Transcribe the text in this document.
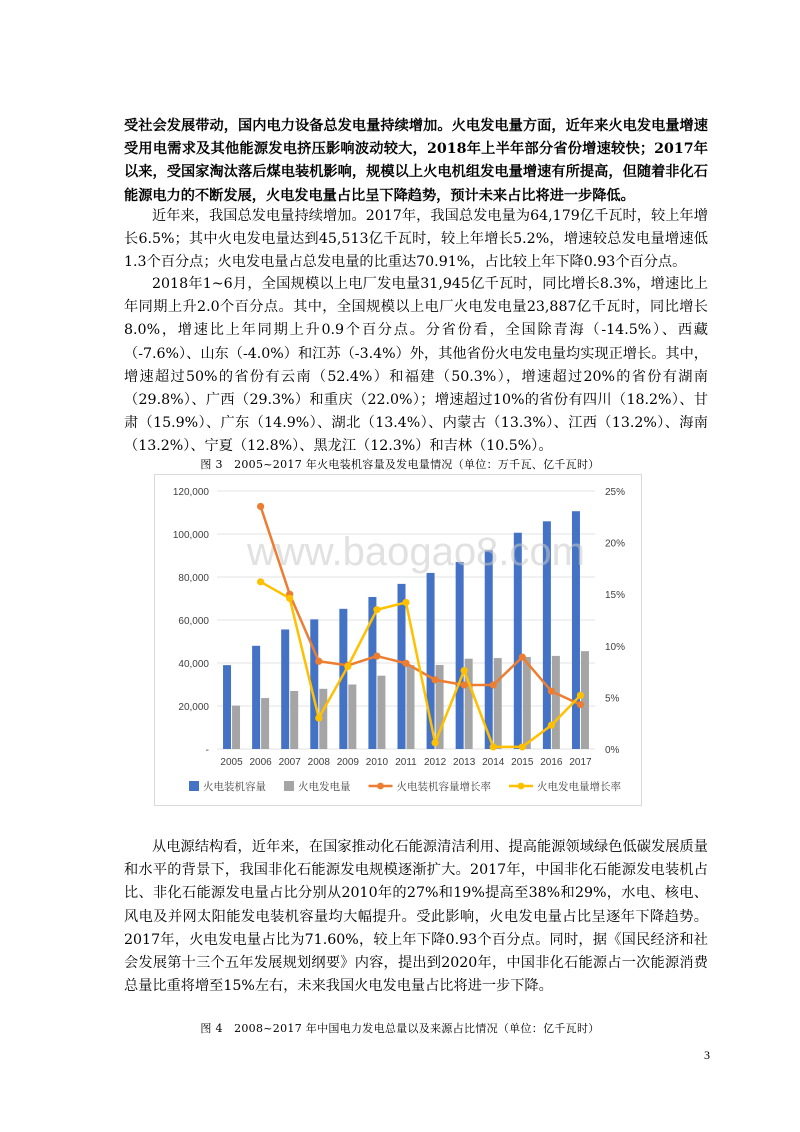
受社会发展带动，国内电力设备总发电量持续增加。火电发电量方面，近年来火电发电量增速受用电需求及其他能源发电挤压影响波动较大，2018年上半年部分省份增速较快；2017年以来，受国家淘汰落后煤电装机影响，规模以上火电机组发电量增速有所提高，但随着非化石能源电力的不断发展，火电发电量占比呈下降趋势，预计未来占比将进一步降低。

近年来，我国总发电量持续增加。2017年，我国总发电量为64,179亿千瓦时，较上年增长6.5%；其中火电发电量达到45,513亿千瓦时，较上年增长5.2%，增速较总发电量增速低1.3个百分点；火电发电量占总发电量的比重达70.91%，占比较上年下降0.93个百分点。

2018年1~6月，全国规模以上电厂发电量31,945亿千瓦时，同比增长8.3%，增速比上年同期上升2.0个百分点。其中，全国规模以上电厂火电发电量23,887亿千瓦时，同比增长8.0%，增速比上年同期上升0.9个百分点。分省份看，全国除青海（-14.5%）、西藏（-7.6%）、山东（-4.0%）和江苏（-3.4%）外，其他省份火电发电量均实现正增长。其中，增速超过50%的省份有云南（52.4%）和福建（50.3%），增速超过20%的省份有湖南（29.8%）、广西（29.3%）和重庆（22.0%）；增速超过10%的省份有四川（18.2%）、甘肃（15.9%）、广东（14.9%）、湖北（13.4%）、内蒙古（13.3%）、江西（13.2%）、海南（13.2%）、宁夏（12.8%）、黑龙江（12.3%）和吉林（10.5%）。

图 3　2005~2017 年火电装机容量及发电量情况（单位：万千瓦、亿千瓦时）
120,000
100,000
80,000
60,000
40,000
20,000
-
25%
20%
15%
10%
5%
0%
2005 2006 2007 2008 2009 2010 2011 2012 2013 2014 2015 2016 2017
www.baogao8.com
火电装机容量	火电发电量	火电装机容量增长率	火电发电量增长率

从电源结构看，近年来，在国家推动化石能源清洁利用、提高能源领域绿色低碳发展质量和水平的背景下，我国非化石能源发电规模逐渐扩大。2017年，中国非化石能源发电装机占比、非化石能源发电量占比分别从2010年的27%和19%提高至38%和29%，水电、核电、风电及并网太阳能发电装机容量均大幅提升。受此影响，火电发电量占比呈逐年下降趋势。2017年，火电发电量占比为71.60%，较上年下降0.93个百分点。同时，据《国民经济和社会发展第十三个五年发展规划纲要》内容，提出到2020年，中国非化石能源占一次能源消费总量比重将增至15%左右，未来我国火电发电量占比将进一步下降。

图 4　2008~2017 年中国电力发电总量以及来源占比情况（单位：亿千瓦时）
3
